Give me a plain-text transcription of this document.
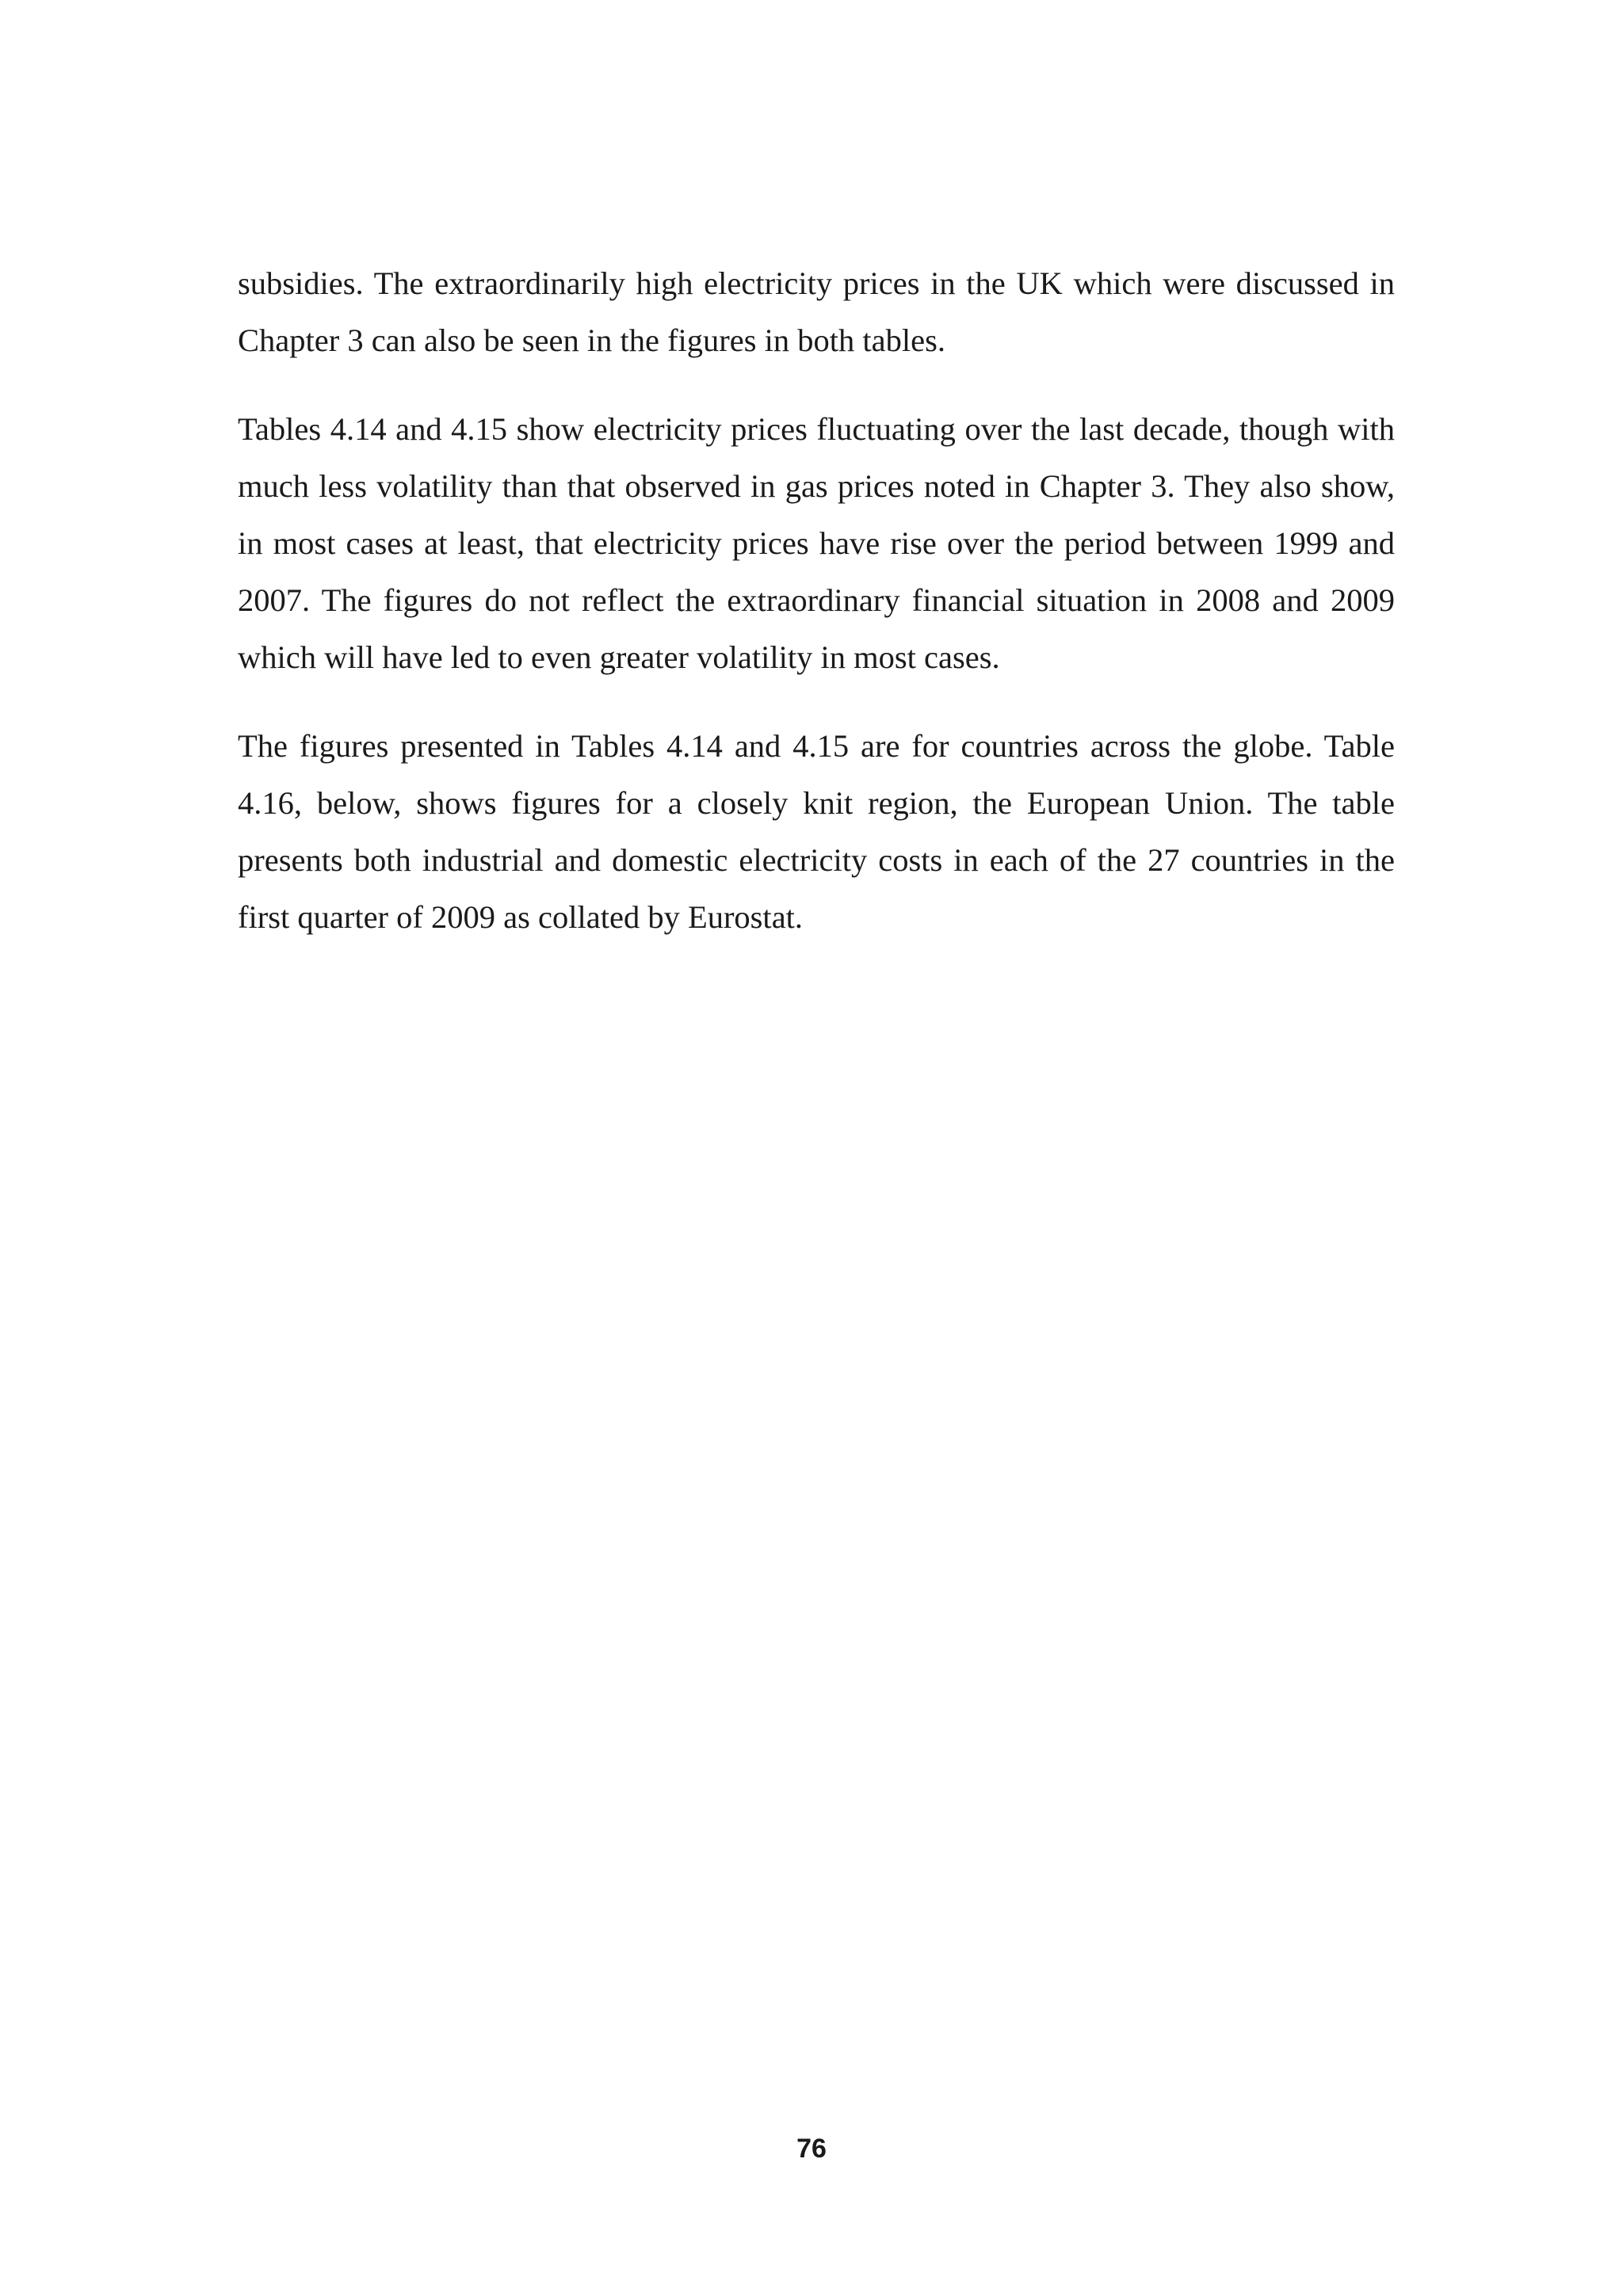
subsidies. The extraordinarily high electricity prices in the UK which were discussed in Chapter 3 can also be seen in the figures in both tables.

Tables 4.14 and 4.15 show electricity prices fluctuating over the last decade, though with much less volatility than that observed in gas prices noted in Chapter 3. They also show, in most cases at least, that electricity prices have rise over the period between 1999 and 2007. The figures do not reflect the extraordinary financial situation in 2008 and 2009 which will have led to even greater volatility in most cases.

The figures presented in Tables 4.14 and 4.15 are for countries across the globe. Table 4.16, below, shows figures for a closely knit region, the European Union. The table presents both industrial and domestic electricity costs in each of the 27 countries in the first quarter of 2009 as collated by Eurostat.

76
